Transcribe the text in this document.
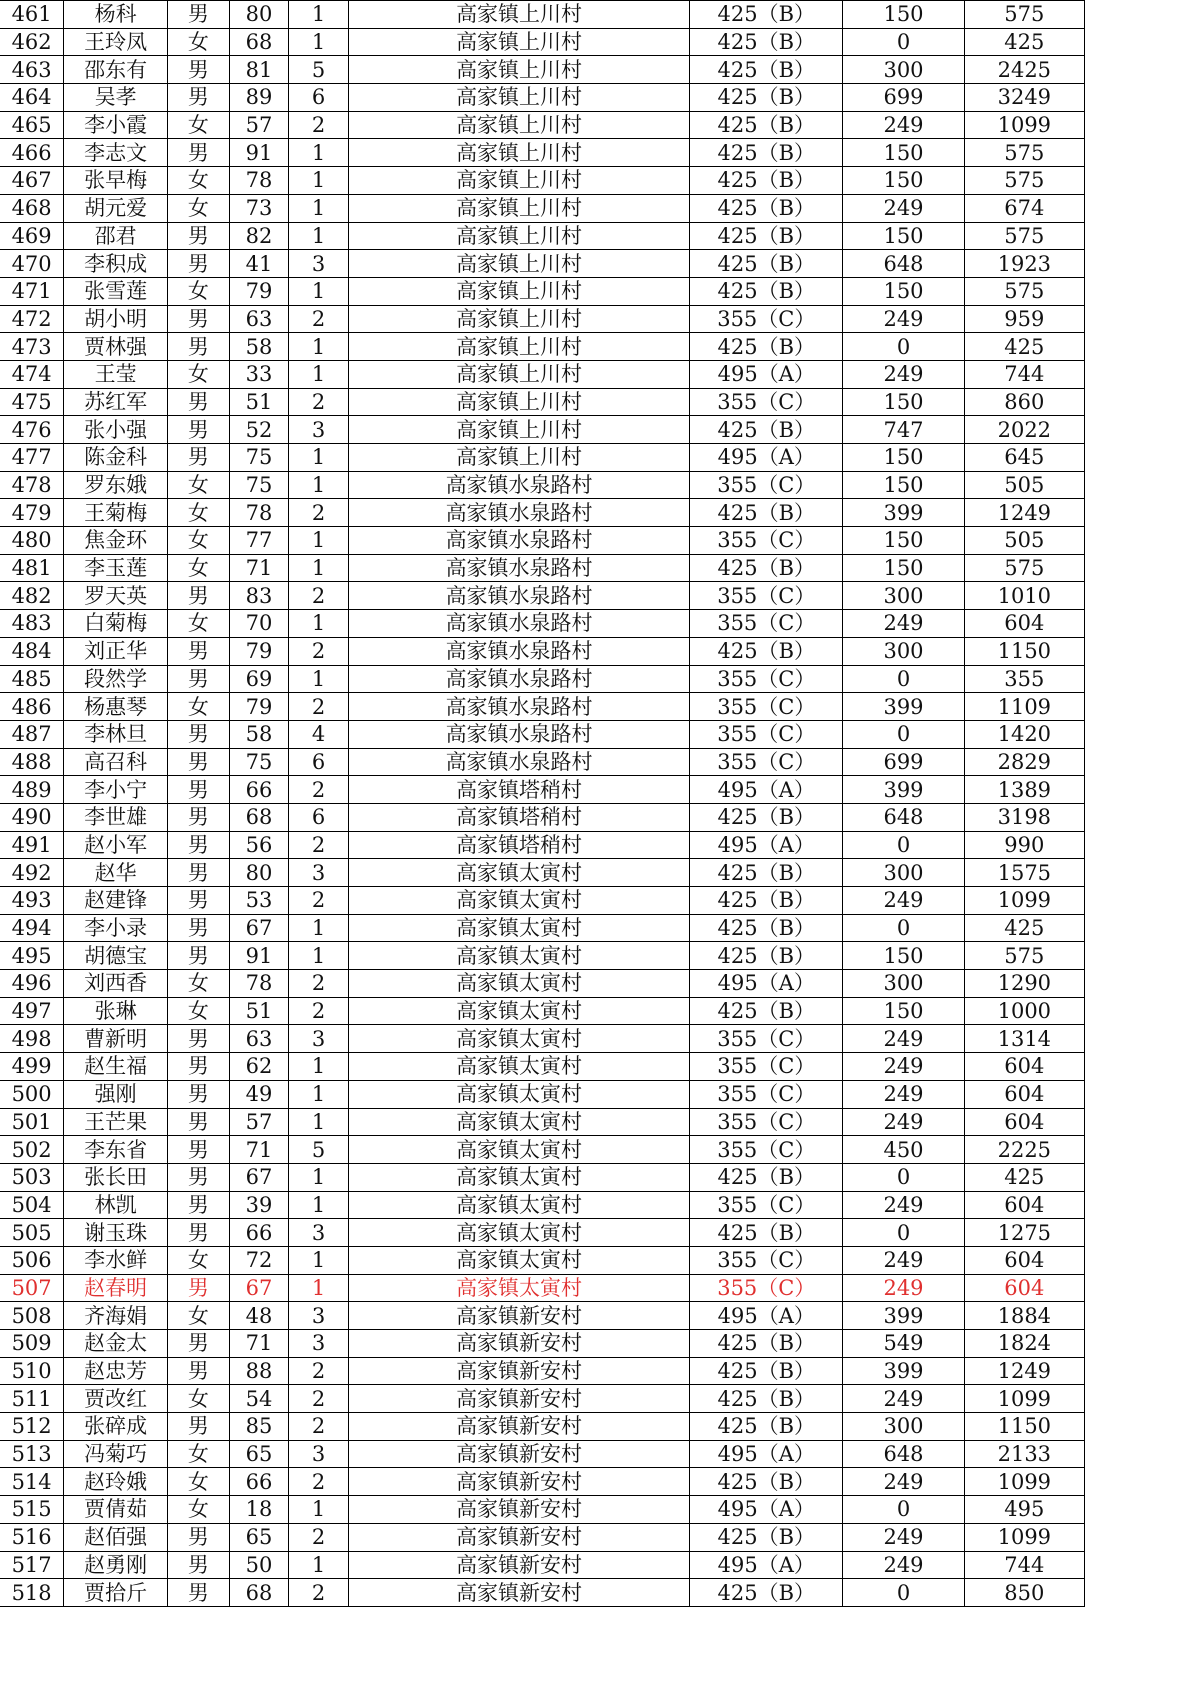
461	杨科	男	80	1	高家镇上川村	425（B）	150	575
462	王玲凤	女	68	1	高家镇上川村	425（B）	0	425
463	邵东有	男	81	5	高家镇上川村	425（B）	300	2425
464	吴孝	男	89	6	高家镇上川村	425（B）	699	3249
465	李小霞	女	57	2	高家镇上川村	425（B）	249	1099
466	李志文	男	91	1	高家镇上川村	425（B）	150	575
467	张早梅	女	78	1	高家镇上川村	425（B）	150	575
468	胡元爱	女	73	1	高家镇上川村	425（B）	249	674
469	邵君	男	82	1	高家镇上川村	425（B）	150	575
470	李积成	男	41	3	高家镇上川村	425（B）	648	1923
471	张雪莲	女	79	1	高家镇上川村	425（B）	150	575
472	胡小明	男	63	2	高家镇上川村	355（C）	249	959
473	贾林强	男	58	1	高家镇上川村	425（B）	0	425
474	王莹	女	33	1	高家镇上川村	495（A）	249	744
475	苏红军	男	51	2	高家镇上川村	355（C）	150	860
476	张小强	男	52	3	高家镇上川村	425（B）	747	2022
477	陈金科	男	75	1	高家镇上川村	495（A）	150	645
478	罗东娥	女	75	1	高家镇水泉路村	355（C）	150	505
479	王菊梅	女	78	2	高家镇水泉路村	425（B）	399	1249
480	焦金环	女	77	1	高家镇水泉路村	355（C）	150	505
481	李玉莲	女	71	1	高家镇水泉路村	425（B）	150	575
482	罗天英	男	83	2	高家镇水泉路村	355（C）	300	1010
483	白菊梅	女	70	1	高家镇水泉路村	355（C）	249	604
484	刘正华	男	79	2	高家镇水泉路村	425（B）	300	1150
485	段然学	男	69	1	高家镇水泉路村	355（C）	0	355
486	杨惠琴	女	79	2	高家镇水泉路村	355（C）	399	1109
487	李林旦	男	58	4	高家镇水泉路村	355（C）	0	1420
488	高召科	男	75	6	高家镇水泉路村	355（C）	699	2829
489	李小宁	男	66	2	高家镇塔稍村	495（A）	399	1389
490	李世雄	男	68	6	高家镇塔稍村	425（B）	648	3198
491	赵小军	男	56	2	高家镇塔稍村	495（A）	0	990
492	赵华	男	80	3	高家镇太寅村	425（B）	300	1575
493	赵建锋	男	53	2	高家镇太寅村	425（B）	249	1099
494	李小录	男	67	1	高家镇太寅村	425（B）	0	425
495	胡德宝	男	91	1	高家镇太寅村	425（B）	150	575
496	刘西香	女	78	2	高家镇太寅村	495（A）	300	1290
497	张琳	女	51	2	高家镇太寅村	425（B）	150	1000
498	曹新明	男	63	3	高家镇太寅村	355（C）	249	1314
499	赵生福	男	62	1	高家镇太寅村	355（C）	249	604
500	强刚	男	49	1	高家镇太寅村	355（C）	249	604
501	王芒果	男	57	1	高家镇太寅村	355（C）	249	604
502	李东省	男	71	5	高家镇太寅村	355（C）	450	2225
503	张长田	男	67	1	高家镇太寅村	425（B）	0	425
504	林凯	男	39	1	高家镇太寅村	355（C）	249	604
505	谢玉珠	男	66	3	高家镇太寅村	425（B）	0	1275
506	李水鲜	女	72	1	高家镇太寅村	355（C）	249	604
507	赵春明	男	67	1	高家镇太寅村	355（C）	249	604
508	齐海娟	女	48	3	高家镇新安村	495（A）	399	1884
509	赵金太	男	71	3	高家镇新安村	425（B）	549	1824
510	赵忠芳	男	88	2	高家镇新安村	425（B）	399	1249
511	贾改红	女	54	2	高家镇新安村	425（B）	249	1099
512	张碎成	男	85	2	高家镇新安村	425（B）	300	1150
513	冯菊巧	女	65	3	高家镇新安村	495（A）	648	2133
514	赵玲娥	女	66	2	高家镇新安村	425（B）	249	1099
515	贾倩茹	女	18	1	高家镇新安村	495（A）	0	495
516	赵佰强	男	65	2	高家镇新安村	425（B）	249	1099
517	赵勇刚	男	50	1	高家镇新安村	495（A）	249	744
518	贾拾斤	男	68	2	高家镇新安村	425（B）	0	850
